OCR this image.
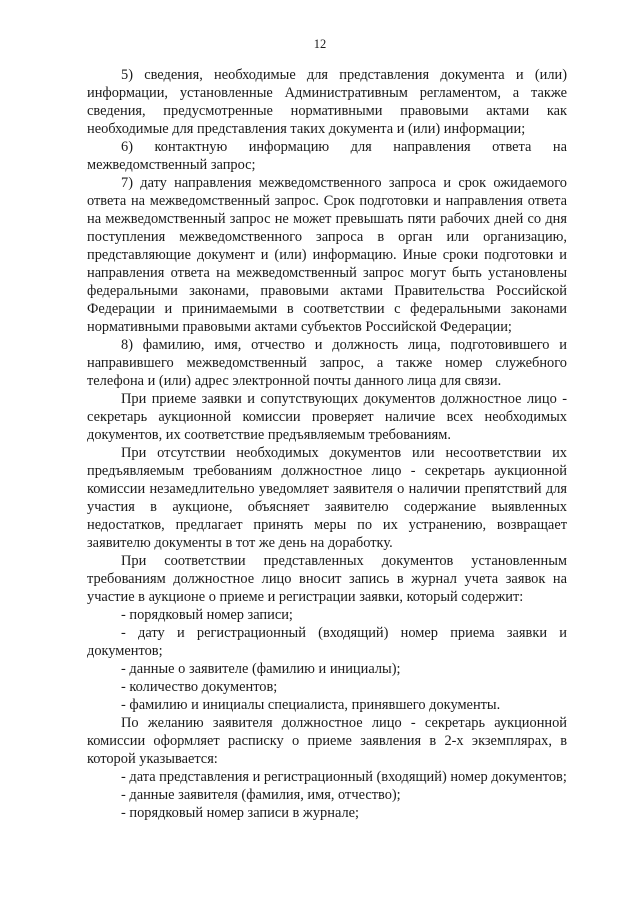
12

5) сведения, необходимые для представления документа и (или) информации, установленные Административным регламентом, а также сведения, предусмотренные нормативными правовыми актами как необходимые для представления таких документа и (или) информации;

6) контактную информацию для направления ответа на межведомственный запрос;

7) дату направления межведомственного запроса и срок ожидаемого ответа на межведомственный запрос. Срок подготовки и направления ответа на межведомственный запрос не может превышать пяти рабочих дней со дня поступления межведомственного запроса в орган или организацию, представляющие документ и (или) информацию. Иные сроки подготовки и направления ответа на межведомственный запрос могут быть установлены федеральными законами, правовыми актами Правительства Российской Федерации и принимаемыми в соответствии с федеральными законами нормативными правовыми актами субъектов Российской Федерации;

8) фамилию, имя, отчество и должность лица, подготовившего и направившего межведомственный запрос, а также номер служебного телефона и (или) адрес электронной почты данного лица для связи.

При приеме заявки и сопутствующих документов должностное лицо - секретарь аукционной комиссии проверяет наличие всех необходимых документов, их соответствие предъявляемым требованиям.

При отсутствии необходимых документов или несоответствии их предъявляемым требованиям должностное лицо - секретарь аукционной комиссии незамедлительно уведомляет заявителя о наличии препятствий для участия в аукционе, объясняет заявителю содержание выявленных недостатков, предлагает принять меры по их устранению, возвращает заявителю документы в тот же день на доработку.

При соответствии представленных документов установленным требованиям должностное лицо вносит запись в журнал учета заявок на участие в аукционе о приеме и регистрации заявки, который содержит:

- порядковый номер записи;

- дату и регистрационный (входящий) номер приема заявки и документов;

- данные о заявителе (фамилию и инициалы);

- количество документов;

- фамилию и инициалы специалиста, принявшего документы.

По желанию заявителя должностное лицо - секретарь аукционной комиссии оформляет расписку о приеме заявления в 2-х экземплярах, в которой указывается:

- дата представления и регистрационный (входящий) номер документов;

- данные заявителя (фамилия, имя, отчество);

- порядковый номер записи в журнале;
